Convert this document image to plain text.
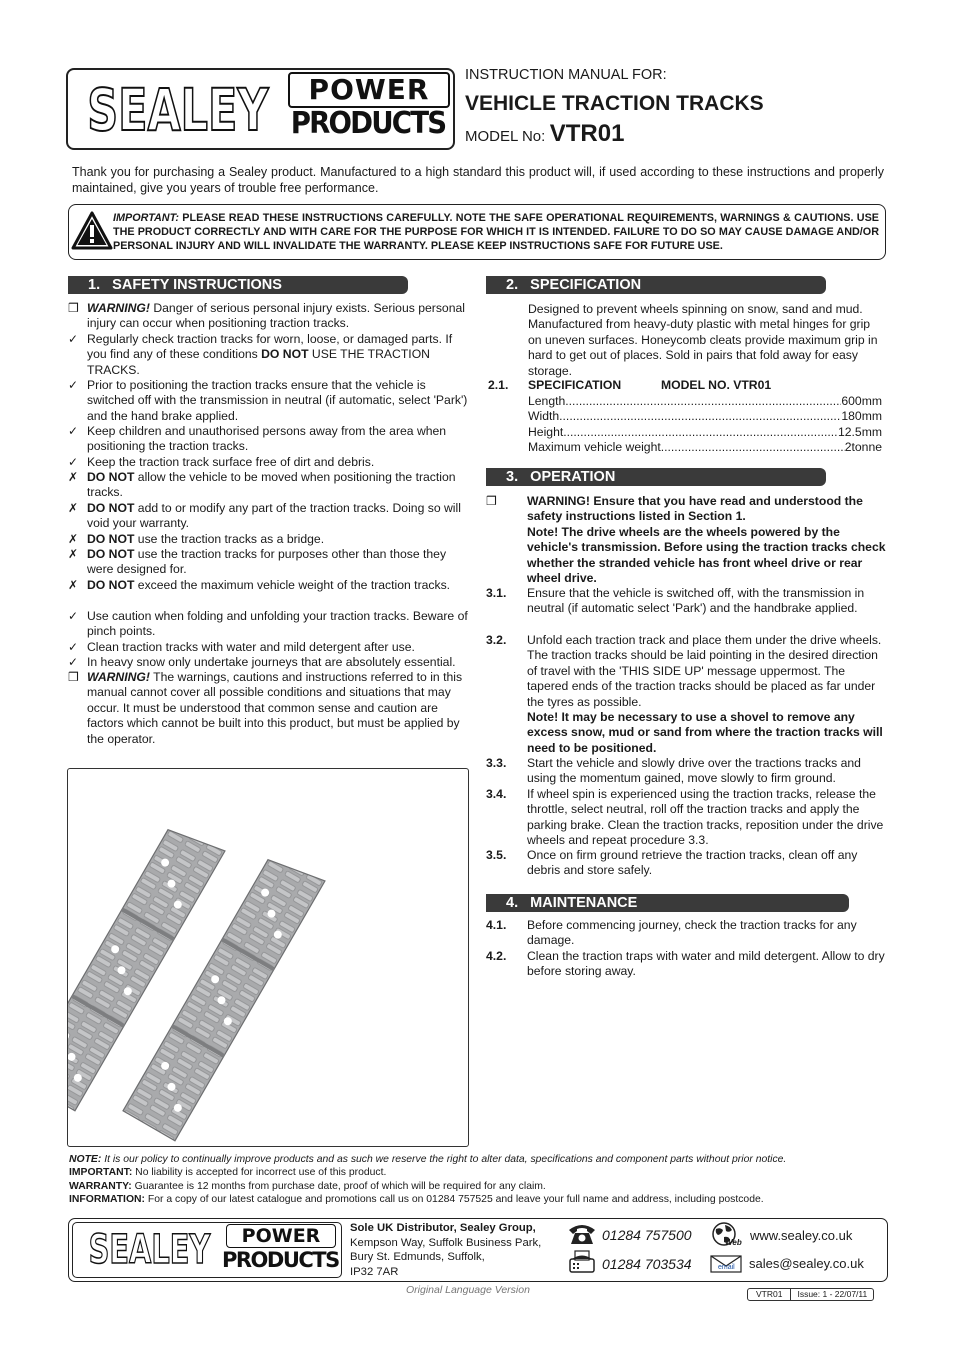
SEALEY	POWER
PRODUCTS
INSTRUCTION MANUAL FOR:
VEHICLE TRACTION TRACKS
MODEL No: VTR01
Thank you for purchasing a Sealey product. Manufactured to a high standard this product will, if used according to these instructions and properly maintained, give you years of trouble free performance.
IMPORTANT: PLEASE READ THESE INSTRUCTIONS CAREFULLY. NOTE THE SAFE OPERATIONAL REQUIREMENTS, WARNINGS & CAUTIONS. USE THE PRODUCT CORRECTLY AND WITH CARE FOR THE PURPOSE FOR WHICH IT IS INTENDED. FAILURE TO DO SO MAY CAUSE DAMAGE AND/OR PERSONAL INJURY AND WILL INVALIDATE THE WARRANTY. PLEASE KEEP INSTRUCTIONS SAFE FOR FUTURE USE.
1.   SAFETY INSTRUCTIONS
❒ WARNING! Danger of serious personal injury exists. Serious personal injury can occur when positioning traction tracks.
✓ Regularly check traction tracks for worn, loose, or damaged parts. If you find any of these conditions DO NOT USE THE TRACTION TRACKS.
✓ Prior to positioning the traction tracks ensure that the vehicle is switched off with the transmission in neutral (if automatic, select 'Park') and the hand brake applied.
✓ Keep children and unauthorised persons away from the area when positioning the traction tracks.
✓ Keep the traction track surface free of dirt and debris.
✗ DO NOT allow the vehicle to be moved when positioning the traction tracks.
✗ DO NOT add to or modify any part of the traction tracks. Doing so will void your warranty.
✗ DO NOT use the traction tracks as a bridge.
✗ DO NOT use the traction tracks for purposes other than those they were designed for.
✗ DO NOT exceed the maximum vehicle weight of the traction tracks.
✓ Use caution when folding and unfolding your traction tracks. Beware of pinch points.
✓ Clean traction tracks with water and mild detergent after use.
✓ In heavy snow only undertake journeys that are absolutely essential.
❒ WARNING! The warnings, cautions and instructions referred to in this manual cannot cover all possible conditions and situations that may occur. It must be understood that common sense and caution are factors which cannot be built into this product, but must be applied by the operator.
2.   SPECIFICATION
Designed to prevent wheels spinning on snow, sand and mud. Manufactured from heavy-duty plastic with metal hinges for grip on uneven surfaces. Honeycomb cleats provide maximum grip in hard to get out of places. Sold in pairs that fold away for easy storage.
2.1. SPECIFICATION	MODEL NO. VTR01
Length .....	600mm
Width .....	180mm
Height .....	12.5mm
Maximum vehicle weight .....	2tonne
3.   OPERATION
❒ WARNING! Ensure that you have read and understood the safety instructions listed in Section 1.
Note! The drive wheels are the wheels powered by the vehicle's transmission. Before using the traction tracks check whether the stranded vehicle has front wheel drive or rear wheel drive.
3.1. Ensure that the vehicle is switched off, with the transmission in neutral (if automatic select 'Park') and the handbrake applied.
3.2. Unfold each traction track and place them under the drive wheels. The traction tracks should be laid pointing in the desired direction of travel with the 'THIS SIDE UP' message uppermost. The tapered ends of the traction tracks should be placed as far under the tyres as possible.
Note! It may be necessary to use a shovel to remove any excess snow, mud or sand from where the traction tracks will need to be positioned.
3.3. Start the vehicle and slowly drive over the tractions tracks and using the momentum gained, move slowly to firm ground.
3.4. If wheel spin is experienced using the traction tracks, release the throttle, select neutral, roll off the traction tracks and apply the parking brake. Clean the traction tracks, reposition under the drive wheels and repeat procedure 3.3.
3.5. Once on firm ground retrieve the traction tracks, clean off any debris and store safely.
4.   MAINTENANCE
4.1. Before commencing journey, check the traction tracks for any damage.
4.2. Clean the traction traps with water and mild detergent. Allow to dry before storing away.
NOTE: It is our policy to continually improve products and as such we reserve the right to alter data, specifications and component parts without prior notice.
IMPORTANT: No liability is accepted for incorrect use of this product.
WARRANTY: Guarantee is 12 months from purchase date, proof of which will be required for any claim.
INFORMATION: For a copy of our latest catalogue and promotions call us on 01284 757525 and leave your full name and address, including postcode.
SEALEY	POWER
PRODUCTS
Sole UK Distributor, Sealey Group,
Kempson Way, Suffolk Business Park,
Bury St. Edmunds, Suffolk,
IP32 7AR
01284 757500
01284 703534
Web www.sealey.co.uk
email sales@sealey.co.uk
Original Language Version	VTR01	Issue: 1 - 22/07/11
